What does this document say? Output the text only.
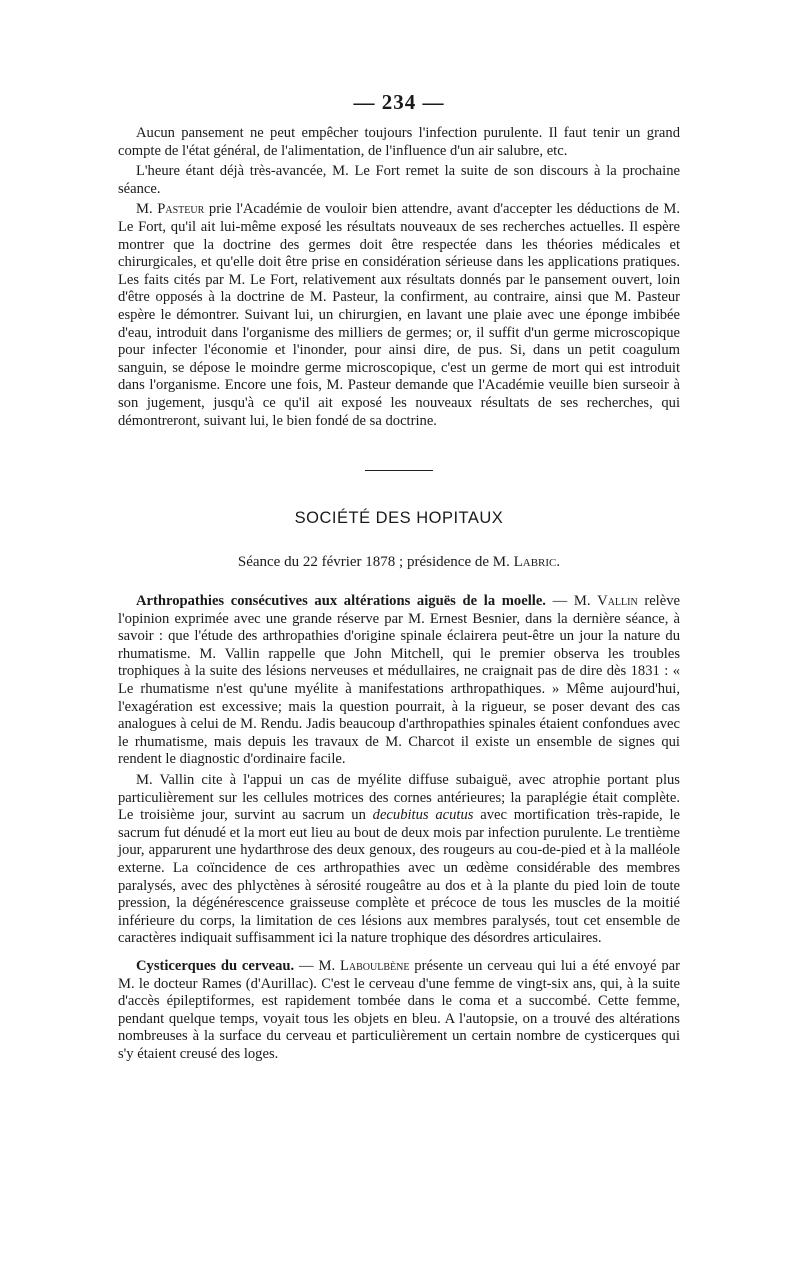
— 234 —

Aucun pansement ne peut empêcher toujours l'infection purulente. Il faut tenir un grand compte de l'état général, de l'alimentation, de l'influence d'un air salubre, etc.

L'heure étant déjà très-avancée, M. Le Fort remet la suite de son discours à la prochaine séance.

M. Pasteur prie l'Académie de vouloir bien attendre, avant d'accepter les déductions de M. Le Fort, qu'il ait lui-même exposé les résultats nouveaux de ses recherches actuelles. Il espère montrer que la doctrine des germes doit être respectée dans les théories médicales et chirurgicales, et qu'elle doit être prise en considération sérieuse dans les applications pratiques. Les faits cités par M. Le Fort, relativement aux résultats donnés par le pansement ouvert, loin d'être opposés à la doctrine de M. Pasteur, la confirment, au contraire, ainsi que M. Pasteur espère le démontrer. Suivant lui, un chirurgien, en lavant une plaie avec une éponge imbibée d'eau, introduit dans l'organisme des milliers de germes; or, il suffit d'un germe microscopique pour infecter l'économie et l'inonder, pour ainsi dire, de pus. Si, dans un petit coagulum sanguin, se dépose le moindre germe microscopique, c'est un germe de mort qui est introduit dans l'organisme. Encore une fois, M. Pasteur demande que l'Académie veuille bien surseoir à son jugement, jusqu'à ce qu'il ait exposé les nouveaux résultats de ses recherches, qui démontreront, suivant lui, le bien fondé de sa doctrine.

SOCIÉTÉ DES HOPITAUX
Séance du 22 février 1878 ; présidence de M. Labric.

Arthropathies consécutives aux altérations aiguës de la moelle. — M. Vallin relève l'opinion exprimée avec une grande réserve par M. Ernest Besnier, dans la dernière séance, à savoir : que l'étude des arthropathies d'origine spinale éclairera peut-être un jour la nature du rhumatisme. M. Vallin rappelle que John Mitchell, qui le premier observa les troubles trophiques à la suite des lésions nerveuses et médullaires, ne craignait pas de dire dès 1831 : « Le rhumatisme n'est qu'une myélite à manifestations arthropathiques. » Même aujourd'hui, l'exagération est excessive; mais la question pourrait, à la rigueur, se poser devant des cas analogues à celui de M. Rendu. Jadis beaucoup d'arthropathies spinales étaient confondues avec le rhumatisme, mais depuis les travaux de M. Charcot il existe un ensemble de signes qui rendent le diagnostic d'ordinaire facile.

M. Vallin cite à l'appui un cas de myélite diffuse subaiguë, avec atrophie portant plus particulièrement sur les cellules motrices des cornes antérieures; la paraplégie était complète. Le troisième jour, survint au sacrum un decubitus acutus avec mortification très-rapide, le sacrum fut dénudé et la mort eut lieu au bout de deux mois par infection purulente. Le trentième jour, apparurent une hydarthrose des deux genoux, des rougeurs au cou-de-pied et à la malléole externe. La coïncidence de ces arthropathies avec un œdème considérable des membres paralysés, avec des phlyctènes à sérosité rougeâtre au dos et à la plante du pied loin de toute pression, la dégénérescence graisseuse complète et précoce de tous les muscles de la moitié inférieure du corps, la limitation de ces lésions aux membres paralysés, tout cet ensemble de caractères indiquait suffisamment ici la nature trophique des désordres articulaires.

Cysticerques du cerveau. — M. Laboulbène présente un cerveau qui lui a été envoyé par M. le docteur Rames (d'Aurillac). C'est le cerveau d'une femme de vingt-six ans, qui, à la suite d'accès épileptiformes, est rapidement tombée dans le coma et a succombé. Cette femme, pendant quelque temps, voyait tous les objets en bleu. A l'autopsie, on a trouvé des altérations nombreuses à la surface du cerveau et particulièrement un certain nombre de cysticerques qui s'y étaient creusé des loges.
